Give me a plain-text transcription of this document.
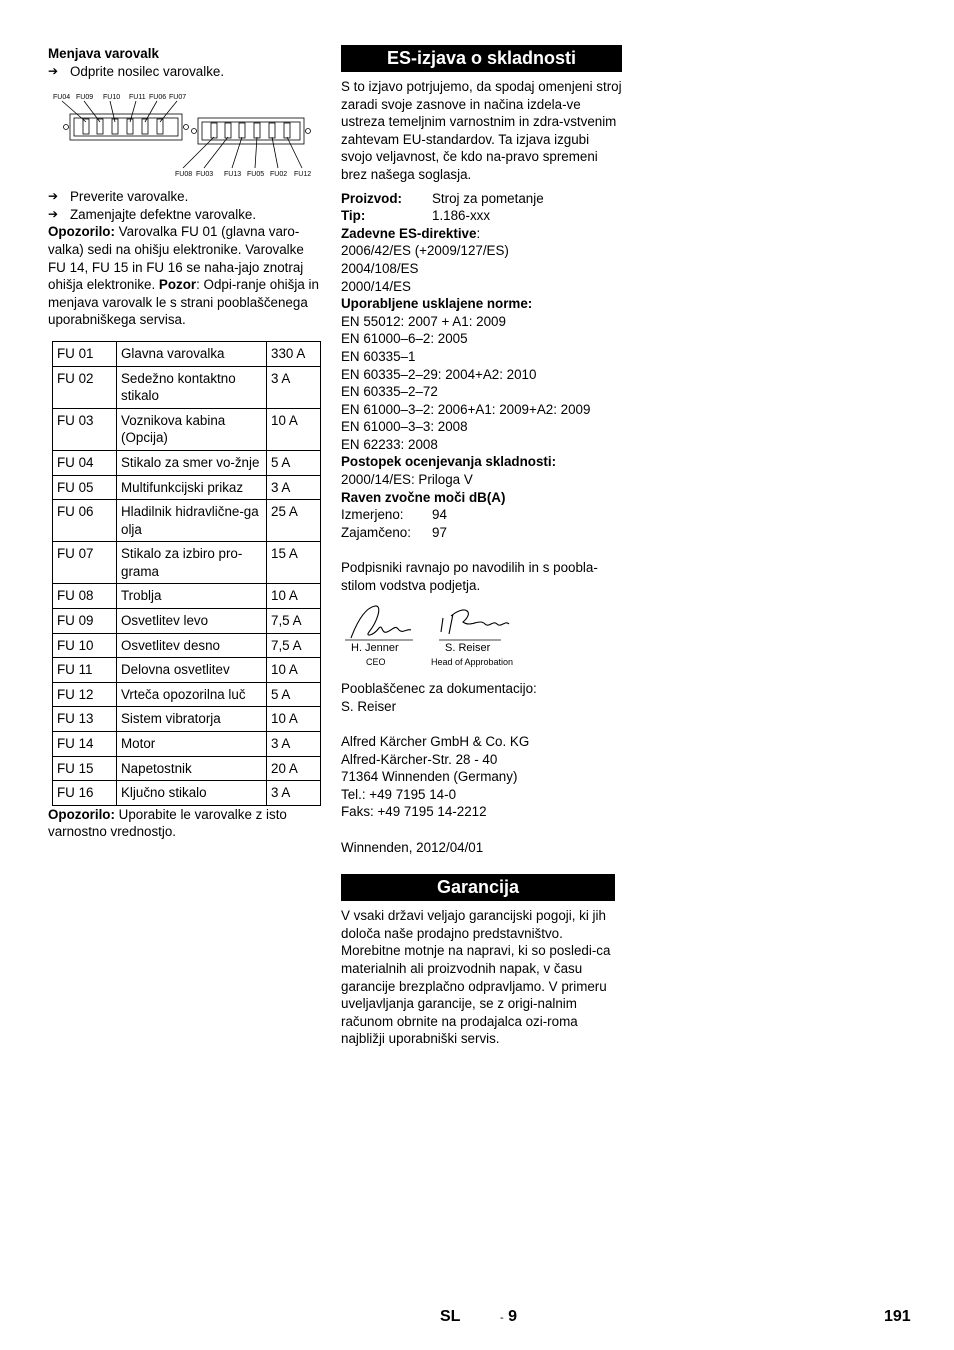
Menjava varovalk

➔ Odprite nosilec varovalke.
FU04 FU09 FU10 FU11 FU06 FU07
FU08 FU03 FU13 FU05 FU02 FU12
➔ Preverite varovalke.
➔ Zamenjajte defektne varovalke.

Opozorilo: Varovalka FU 01 (glavna varo-valka) sedi na ohišju elektronike. Varovalke FU 14, FU 15 in FU 16 se naha-jajo znotraj ohišja elektronike. Pozor: Odpi-ranje ohišja in menjava varovalk le s strani pooblaščenega uporabniškega servisa.

FU 01	Glavna varovalka	330 A
FU 02	Sedežno kontaktno stikalo	3 A
FU 03	Voznikova kabina (Opcija)	10 A
FU 04	Stikalo za smer vo-žnje	5 A
FU 05	Multifunkcijski prikaz	3 A
FU 06	Hladilnik hidravlične-ga olja	25 A
FU 07	Stikalo za izbiro pro-grama	15 A
FU 08	Trobljа	10 A
FU 09	Osvetlitev levo	7,5 A
FU 10	Osvetlitev desno	7,5 A
FU 11	Delovna osvetlitev	10 A
FU 12	Vrteča opozorilna luč	5 A
FU 13	Sistem vibratorja	10 A
FU 14	Motor	3 A
FU 15	Napetostnik	20 A
FU 16	Ključno stikalo	3 A

Opozorilo: Uporabite le varovalke z isto varnostno vrednostjo.

ES-izjava o skladnosti

S to izjavo potrjujemo, da spodaj omenjeni stroj zaradi svoje zasnove in načina izdela-ve ustreza temeljnim varnostnim in zdra-vstvenim zahtevam EU-standardov. Ta izjava izgubi svojo veljavnost, če kdo na-pravo spremeni brez našega soglasja.

Proizvod:	Stroj za pometanje
Tip:	1.186-xxx

Zadevne ES-direktive:

2006/42/ES (+2009/127/ES)

2004/108/ES

2000/14/ES

Uporabljene usklajene norme:

EN 55012: 2007 + A1: 2009

EN 61000–6–2: 2005

EN 60335–1

EN 60335–2–29: 2004+A2: 2010

EN 60335–2–72

EN 61000–3–2: 2006+A1: 2009+A2: 2009

EN 61000–3–3: 2008

EN 62233: 2008

Postopek ocenjevanja skladnosti:

2000/14/ES: Priloga V

Raven zvočne moči dB(A)

Izmerjeno:	94
Zajamčeno:	97

Podpisniki ravnajo po navodilih in s poobla-stilom vodstva podjetja.

H. Jenner
CEO
S. Reiser
Head of Approbation

Pooblaščenec za dokumentacijo:

S. Reiser

Alfred Kärcher GmbH & Co. KG

Alfred-Kärcher-Str. 28 - 40

71364 Winnenden (Germany)

Tel.: +49 7195 14-0

Faks: +49 7195 14-2212

Winnenden, 2012/04/01

Garancija

V vsaki državi veljajo garancijski pogoji, ki jih določa naše prodajno predstavništvo. Morebitne motnje na napravi, ki so posledi-ca materialnih ali proizvodnih napak, v času garancije brezplačno odpravljamo. V primeru uveljavljanja garancije, se z origi-nalnim računom obrnite na prodajalca ozi-roma najbližji uporabniški servis.

SL	- 9	191
